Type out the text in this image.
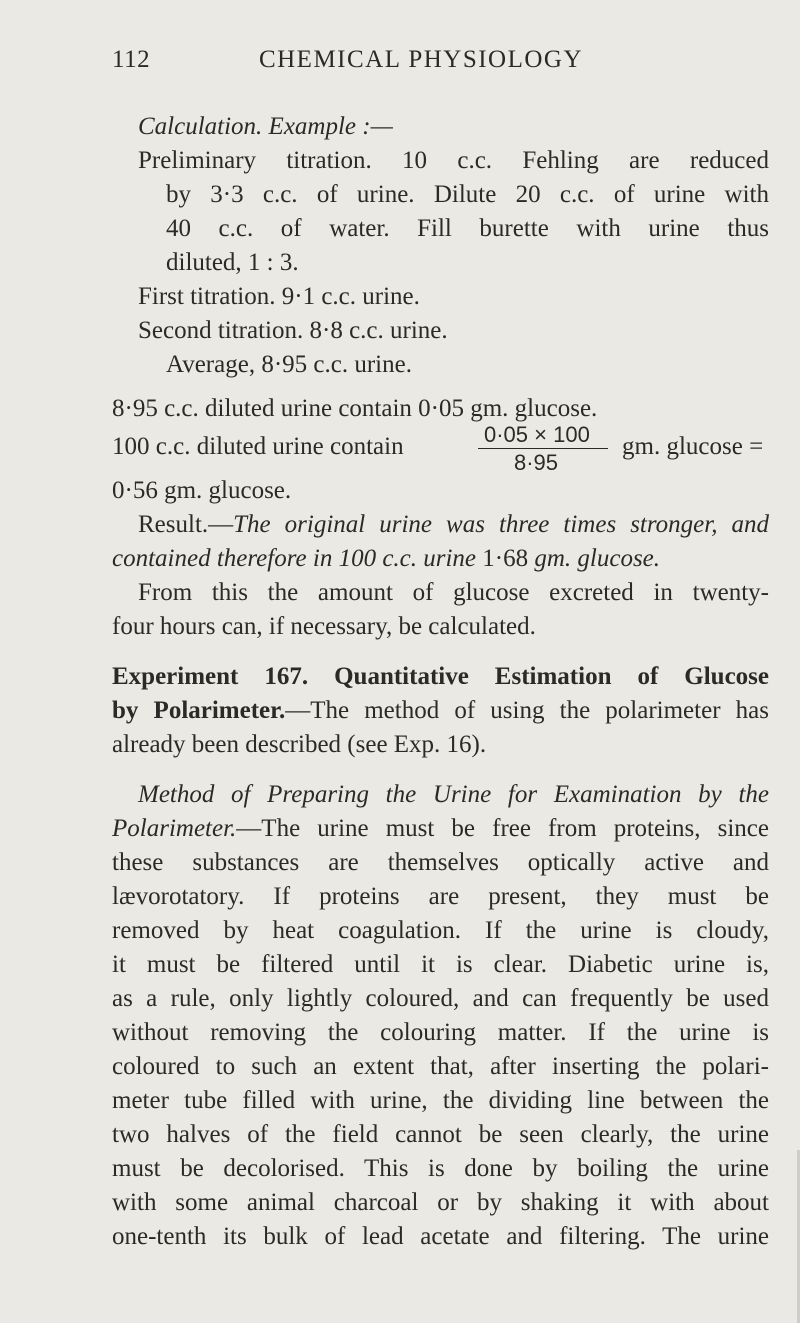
112	CHEMICAL PHYSIOLOGY
Calculation. Example :—
Preliminary titration. 10 c.c. Fehling are reduced
by 3·3 c.c. of urine. Dilute 20 c.c. of urine with
40 c.c. of water. Fill burette with urine thus
diluted, 1 : 3.
First titration. 9·1 c.c. urine.
Second titration. 8·8 c.c. urine.
Average, 8·95 c.c. urine.
8·95 c.c. diluted urine contain 0·05 gm. glucose.
100 c.c. diluted urine contain	0·05 × 100
8·95
gm. glucose =
0·56 gm. glucose.
Result.—The original urine was three times stronger, and
contained therefore in 100 c.c. urine 1·68 gm. glucose.
From this the amount of glucose excreted in twenty-
four hours can, if necessary, be calculated.
Experiment 167. Quantitative Estimation of Glucose
by Polarimeter.—The method of using the polarimeter has
already been described (see Exp. 16).
Method of Preparing the Urine for Examination by the
Polarimeter.—The urine must be free from proteins, since
these substances are themselves optically active and
lævorotatory. If proteins are present, they must be
removed by heat coagulation. If the urine is cloudy,
it must be filtered until it is clear. Diabetic urine is,
as a rule, only lightly coloured, and can frequently be used
without removing the colouring matter. If the urine is
coloured to such an extent that, after inserting the polari-
meter tube filled with urine, the dividing line between the
two halves of the field cannot be seen clearly, the urine
must be decolorised. This is done by boiling the urine
with some animal charcoal or by shaking it with about
one-tenth its bulk of lead acetate and filtering. The urine
